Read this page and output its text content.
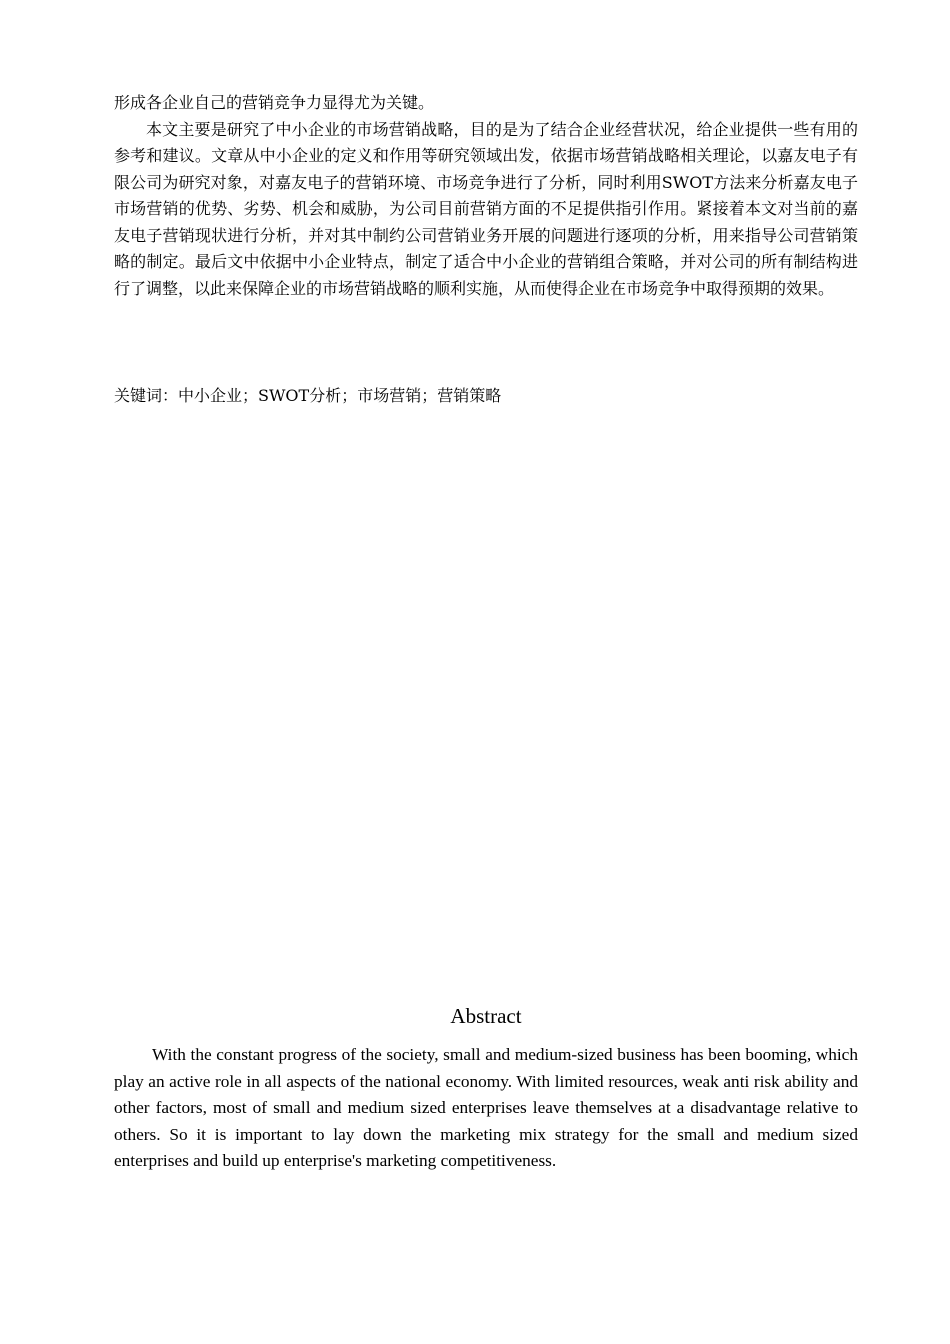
形成各企业自己的营销竞争力显得尤为关键。

本文主要是研究了中小企业的市场营销战略，目的是为了结合企业经营状况，给企业提供一些有用的参考和建议。文章从中小企业的定义和作用等研究领域出发，依据市场营销战略相关理论，以嘉友电子有限公司为研究对象，对嘉友电子的营销环境、市场竞争进行了分析，同时利用SWOT方法来分析嘉友电子市场营销的优势、劣势、机会和威胁，为公司目前营销方面的不足提供指引作用。紧接着本文对当前的嘉友电子营销现状进行分析，并对其中制约公司营销业务开展的问题进行逐项的分析，用来指导公司营销策略的制定。最后文中依据中小企业特点，制定了适合中小企业的营销组合策略，并对公司的所有制结构进行了调整，以此来保障企业的市场营销战略的顺利实施，从而使得企业在市场竞争中取得预期的效果。

关键词：中小企业；SWOT分析；市场营销；营销策略
Abstract

With the constant progress of the society, small and medium-sized business has been booming, which play an active role in all aspects of the national economy. With limited resources, weak anti risk ability and other factors, most of small and medium sized enterprises leave themselves at a disadvantage relative to others. So it is important to lay down the marketing mix strategy for the small and medium sized enterprises and build up enterprise's marketing competitiveness.
